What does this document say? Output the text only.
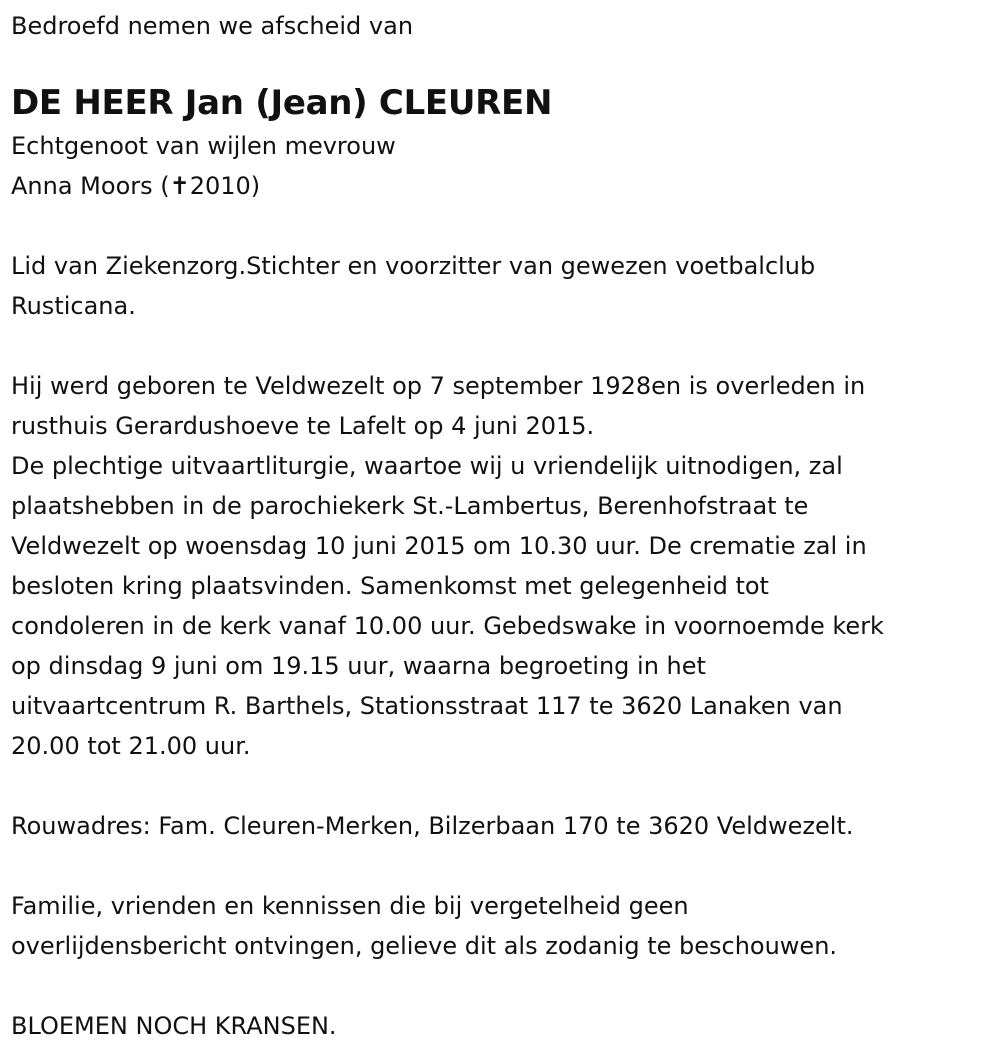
Bedroefd nemen we afscheid van

DE HEER Jan (Jean) CLEUREN

Echtgenoot van wijlen mevrouw

Anna Moors (✝2010)

Lid van Ziekenzorg.Stichter en voorzitter van gewezen voetbalclub

Rusticana.

Hij werd geboren te Veldwezelt op 7 september 1928en is overleden in

rusthuis Gerardushoeve te Lafelt op 4 juni 2015.

De plechtige uitvaartliturgie, waartoe wij u vriendelijk uitnodigen, zal

plaatshebben in de parochiekerk St.-Lambertus, Berenhofstraat te

Veldwezelt op woensdag 10 juni 2015 om 10.30 uur. De crematie zal in

besloten kring plaatsvinden. Samenkomst met gelegenheid tot

condoleren in de kerk vanaf 10.00 uur. Gebedswake in voornoemde kerk

op dinsdag 9 juni om 19.15 uur, waarna begroeting in het

uitvaartcentrum R. Barthels, Stationsstraat 117 te 3620 Lanaken van

20.00 tot 21.00 uur.

Rouwadres: Fam. Cleuren-Merken, Bilzerbaan 170 te 3620 Veldwezelt.

Familie, vrienden en kennissen die bij vergetelheid geen

overlijdensbericht ontvingen, gelieve dit als zodanig te beschouwen.

BLOEMEN NOCH KRANSEN.
